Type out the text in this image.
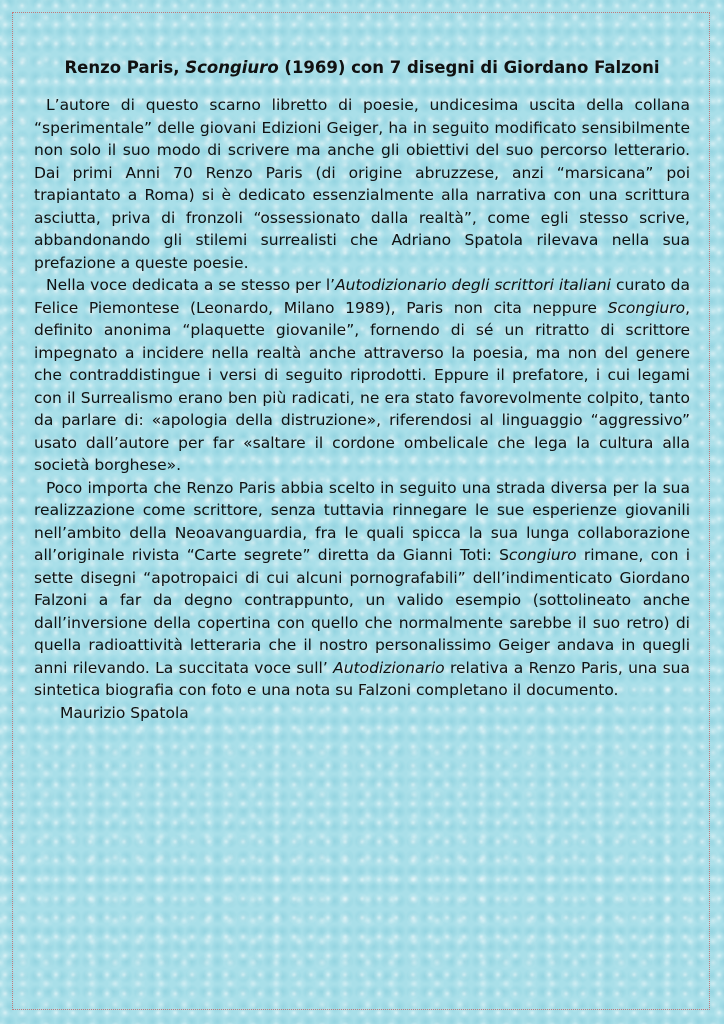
Renzo Paris, Scongiuro (1969) con 7 disegni di Giordano Falzoni

L’autore di questo scarno libretto di poesie, undicesima uscita della collana “sperimentale” delle giovani Edizioni Geiger, ha in seguito modificato sensibilmente non solo il suo modo di scrivere ma anche gli obiettivi del suo percorso letterario. Dai primi Anni 70 Renzo Paris (di origine abruzzese, anzi “marsicana” poi trapiantato a Roma) si è dedicato essenzialmente alla narrativa con una scrittura asciutta, priva di fronzoli “ossessionato dalla realtà”, come egli stesso scrive, abbandonando gli stilemi surrealisti che Adriano Spatola rilevava nella sua prefazione a queste poesie.

Nella voce dedicata a se stesso per l’Autodizionario degli scrittori italiani curato da Felice Piemontese (Leonardo, Milano 1989), Paris non cita neppure Scongiuro, definito anonima “plaquette giovanile”, fornendo di sé un ritratto di scrittore impegnato a incidere nella realtà anche attraverso la poesia, ma non del genere che contraddistingue i versi di seguito riprodotti. Eppure il prefatore, i cui legami con il Surrealismo erano ben più radicati, ne era stato favorevolmente colpito, tanto da parlare di: «apologia della distruzione», riferendosi al linguaggio “aggressivo” usato dall’autore per far «saltare il cordone ombelicale che lega la cultura alla società borghese».

Poco importa che Renzo Paris abbia scelto in seguito una strada diversa per la sua realizzazione come scrittore, senza tuttavia rinnegare le sue esperienze giovanili nell’ambito della Neoavanguardia, fra le quali spicca la sua lunga collaborazione all’originale rivista “Carte segrete” diretta da Gianni Toti: Scongiuro rimane, con i sette disegni “apotropaici di cui alcuni pornografabili” dell’indimenticato Giordano Falzoni a far da degno contrappunto, un valido esempio (sottolineato anche dall’inversione della copertina con quello che normalmente sarebbe il suo retro) di quella radioattività letteraria che il nostro personalissimo Geiger andava in quegli anni rilevando. La succitata voce sull’ Autodizionario relativa a Renzo Paris, una sua sintetica biografia con foto e una nota su Falzoni completano il documento.

Maurizio Spatola
